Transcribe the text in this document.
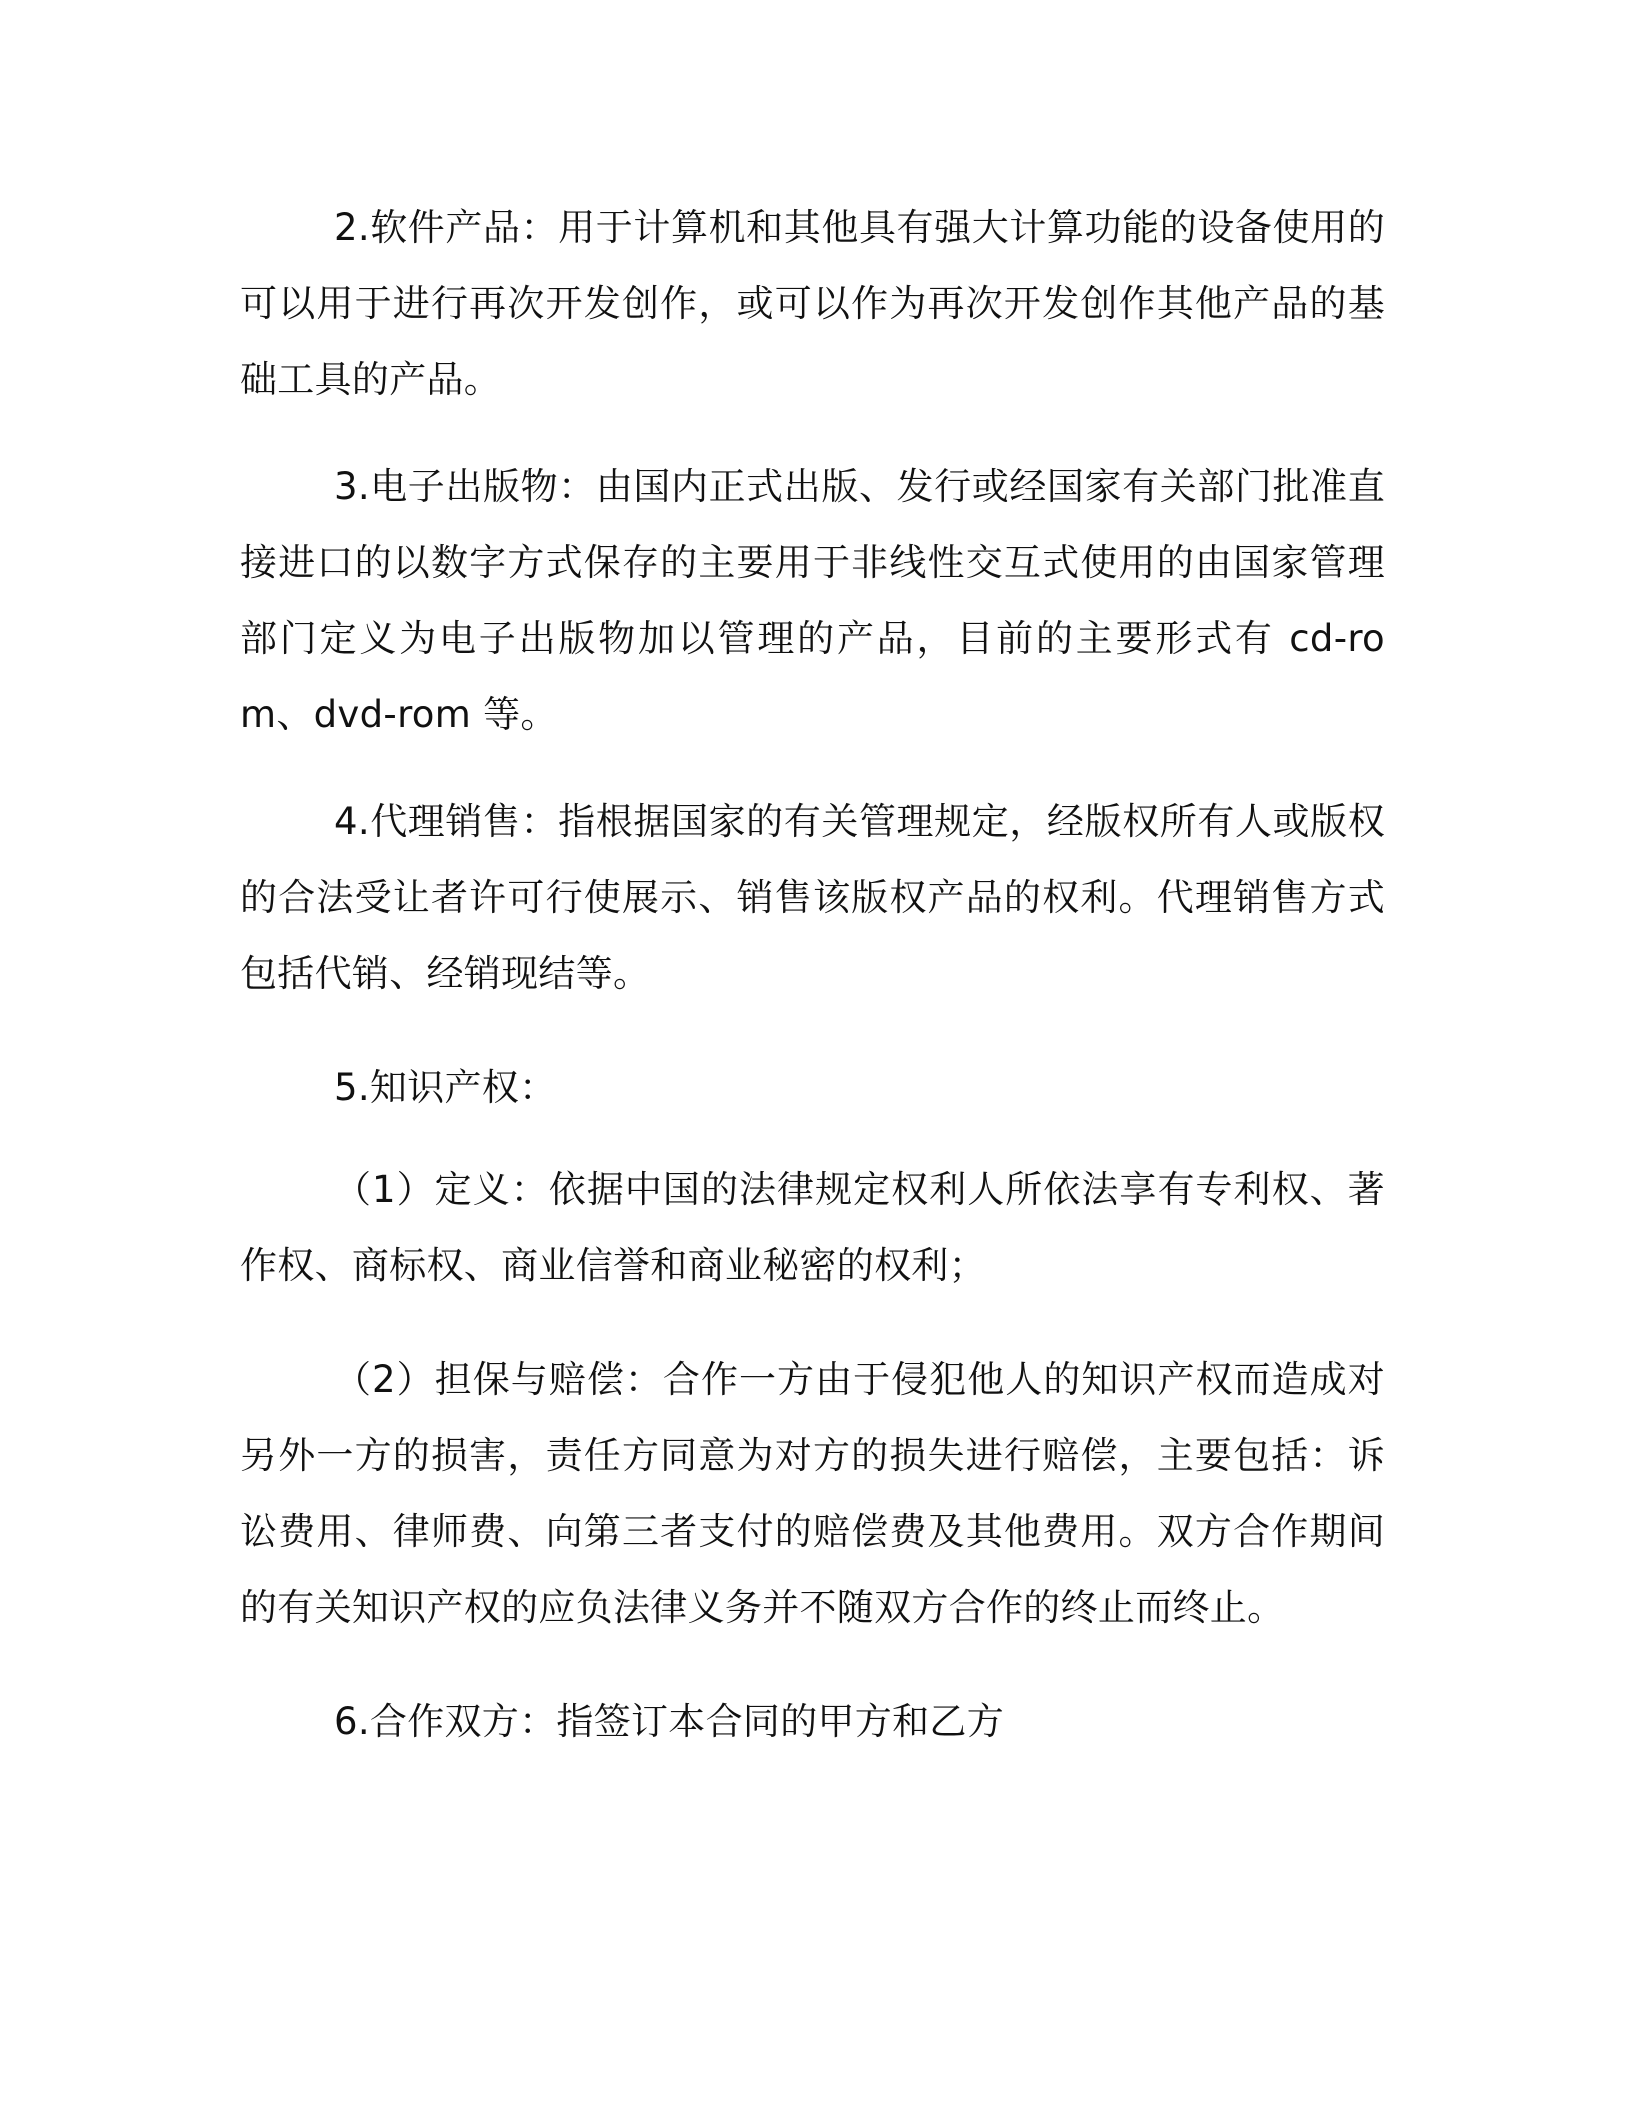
2.软件产品：用于计算机和其他具有强大计算功能的设备使用的可以用于进行再次开发创作，或可以作为再次开发创作其他产品的基础工具的产品。

3.电子出版物：由国内正式出版、发行或经国家有关部门批准直接进口的以数字方式保存的主要用于非线性交互式使用的由国家管理部门定义为电子出版物加以管理的产品，目前的主要形式有 cd-rom、dvd-rom 等。

4.代理销售：指根据国家的有关管理规定，经版权所有人或版权的合法受让者许可行使展示、销售该版权产品的权利。代理销售方式包括代销、经销现结等。

5.知识产权：

（1）定义：依据中国的法律规定权利人所依法享有专利权、著作权、商标权、商业信誉和商业秘密的权利；

（2）担保与赔偿：合作一方由于侵犯他人的知识产权而造成对另外一方的损害，责任方同意为对方的损失进行赔偿，主要包括：诉讼费用、律师费、向第三者支付的赔偿费及其他费用。双方合作期间的有关知识产权的应负法律义务并不随双方合作的终止而终止。

6.合作双方：指签订本合同的甲方和乙方
